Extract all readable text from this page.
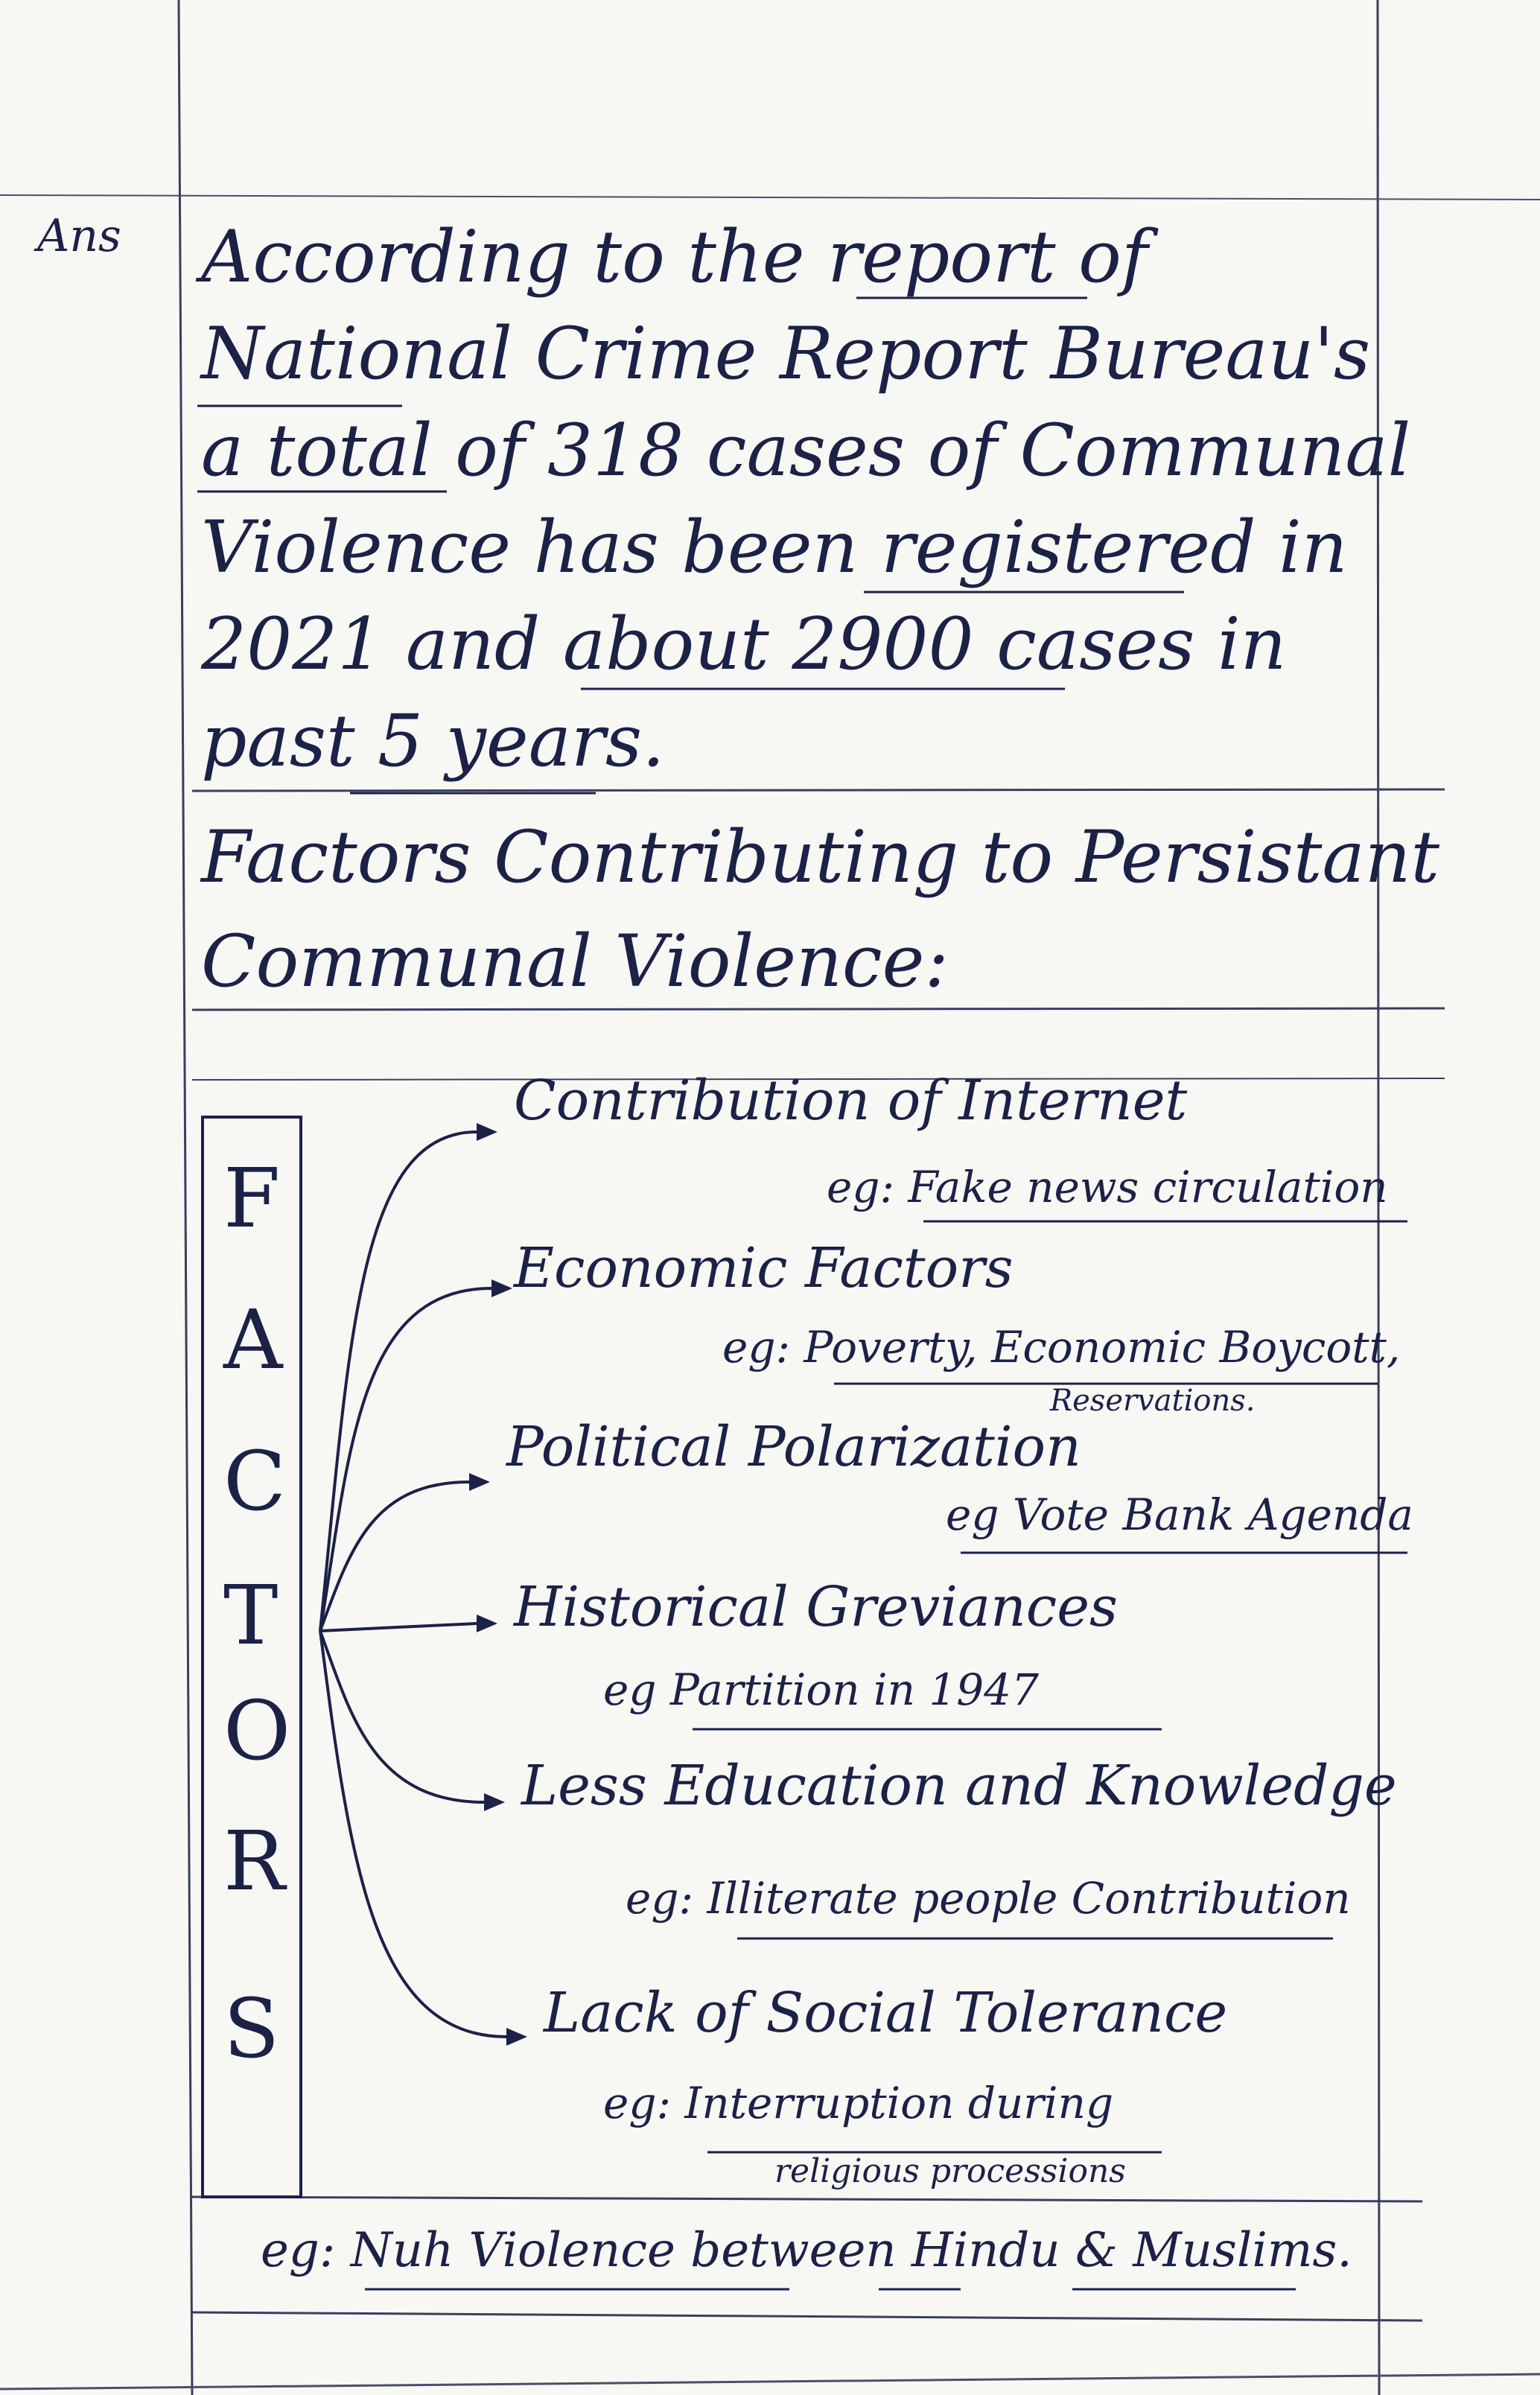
Ans According to the report of
National Crime Report Bureau's
a total of 318 cases of Communal
Violence has been registered in
2021 and about 2900 cases in
past 5 years.
Factors Contributing to Persistant
Communal Violence:
F
A
C
T
O
R
S
Contribution of Internet
eg: Fake news circulation
Economic Factors
eg: Poverty, Economic Boycott,
Reservations.
Political Polarization
eg Vote Bank Agenda
Historical Greviances
eg Partition in 1947
Less Education and Knowledge
eg: Illiterate people Contribution
Lack of Social Tolerance
eg: Interruption during
religious processions
eg: Nuh Violence between Hindu & Muslims.
